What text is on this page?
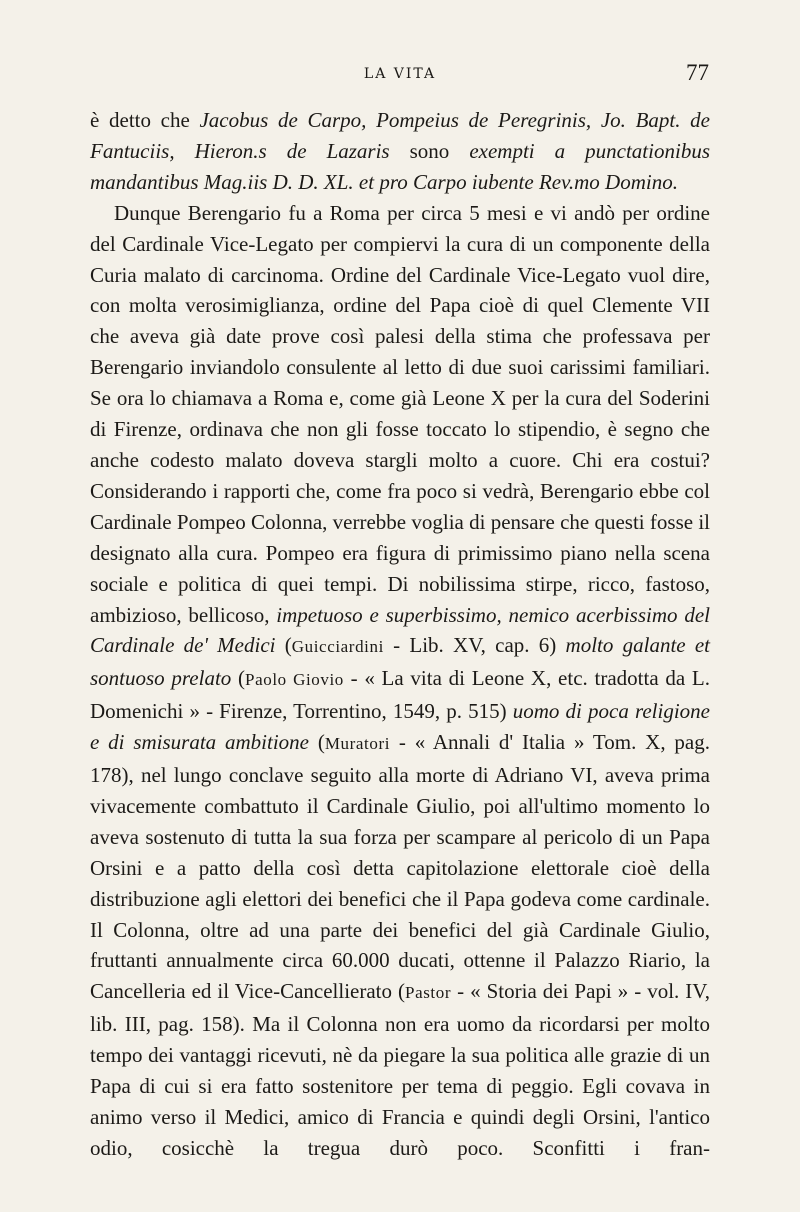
LA VITA	77

è detto che Jacobus de Carpo, Pompeius de Peregrinis, Jo. Bapt. de Fantuciis, Hieron.s de Lazaris sono exempti a punctationibus mandantibus Mag.iis D. D. XL. et pro Carpo iubente Rev.mo Domino.

Dunque Berengario fu a Roma per circa 5 mesi e vi andò per ordine del Cardinale Vice-Legato per compiervi la cura di un componente della Curia malato di carcinoma. Ordine del Cardinale Vice-Legato vuol dire, con molta verosimiglianza, ordine del Papa cioè di quel Clemente VII che aveva già date prove così palesi della stima che professava per Berengario inviandolo consulente al letto di due suoi carissimi familiari. Se ora lo chiamava a Roma e, come già Leone X per la cura del Soderini di Firenze, ordinava che non gli fosse toccato lo stipendio, è segno che anche codesto malato doveva stargli molto a cuore. Chi era costui? Considerando i rapporti che, come fra poco si vedrà, Berengario ebbe col Cardinale Pompeo Colonna, verrebbe voglia di pensare che questi fosse il designato alla cura. Pompeo era figura di primissimo piano nella scena sociale e politica di quei tempi. Di nobilissima stirpe, ricco, fastoso, ambizioso, bellicoso, impetuoso e superbissimo, nemico acerbissimo del Cardinale de' Medici (Guicciardini - Lib. XV, cap. 6) molto galante et sontuoso prelato (Paolo Giovio - « La vita di Leone X, etc. tradotta da L. Domenichi » - Firenze, Torrentino, 1549, p. 515) uomo di poca religione e di smisurata ambitione (Muratori - « Annali d' Italia » Tom. X, pag. 178), nel lungo conclave seguito alla morte di Adriano VI, aveva prima vivacemente combattuto il Cardinale Giulio, poi all'ultimo momento lo aveva sostenuto di tutta la sua forza per scampare al pericolo di un Papa Orsini e a patto della così detta capitolazione elettorale cioè della distribuzione agli elettori dei benefici che il Papa godeva come cardinale. Il Colonna, oltre ad una parte dei benefici del già Cardinale Giulio, fruttanti annualmente circa 60.000 ducati, ottenne il Palazzo Riario, la Cancelleria ed il Vice-Cancellierato (Pastor - « Storia dei Papi » - vol. IV, lib. III, pag. 158). Ma il Colonna non era uomo da ricordarsi per molto tempo dei vantaggi ricevuti, nè da piegare la sua politica alle grazie di un Papa di cui si era fatto sostenitore per tema di peggio. Egli covava in animo verso il Medici, amico di Francia e quindi degli Orsini, l'antico odio, cosicchè la tregua durò poco. Sconfitti i fran-
